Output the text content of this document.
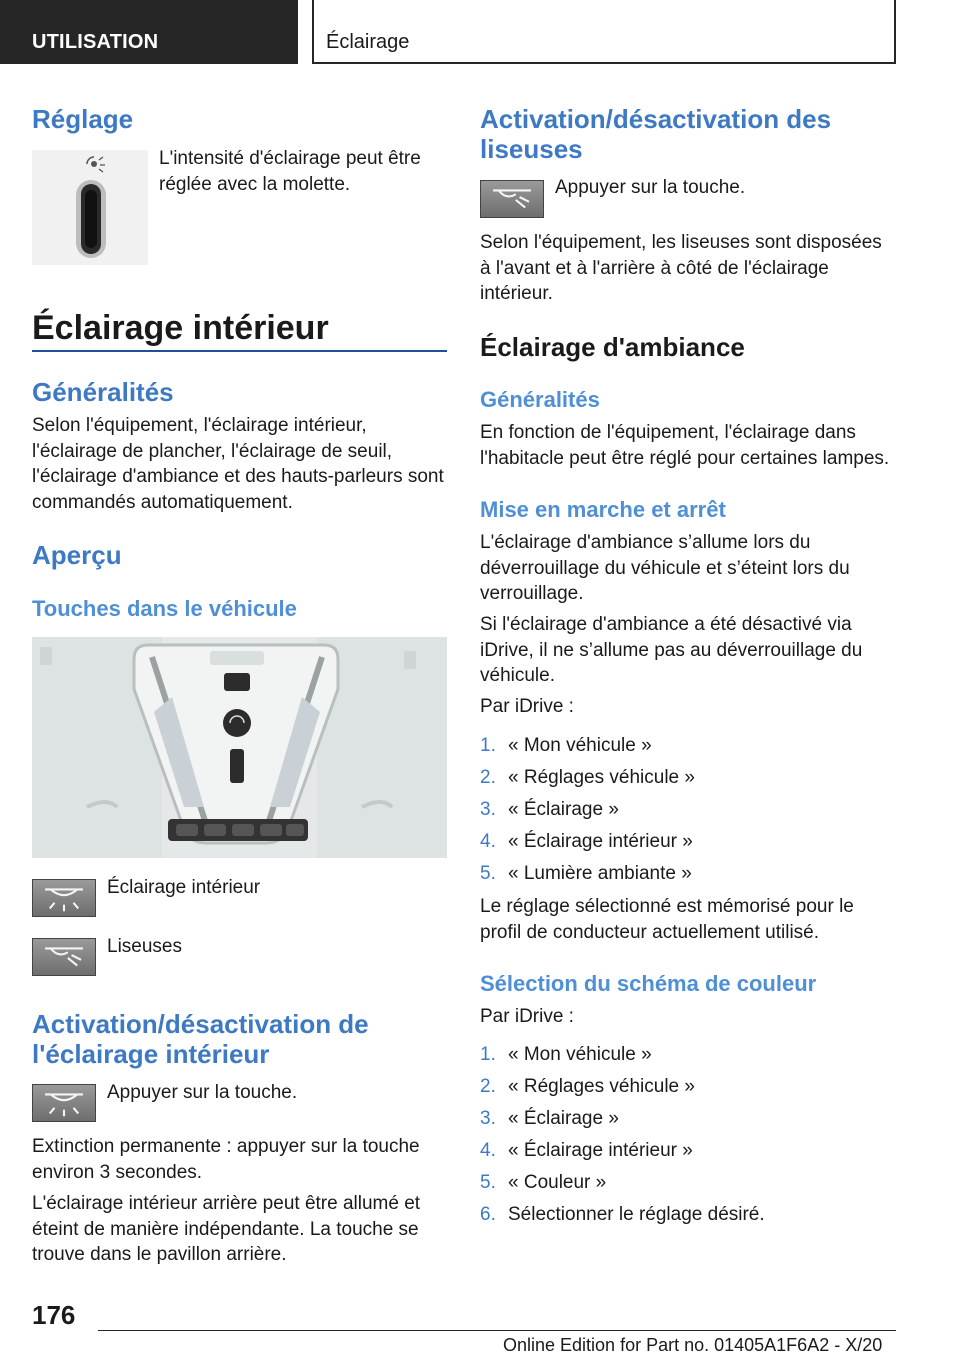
UTILISATION	Éclairage
Réglage
L'intensité d'éclairage peut être réglée avec la molette.
Éclairage intérieur
Généralités
Selon l'équipement, l'éclairage intérieur, l'éclairage de plancher, l'éclairage de seuil, l'éclairage d'ambiance et des hauts-parleurs sont commandés automatiquement.
Aperçu
Touches dans le véhicule
Éclairage intérieur
Liseuses
Activation/désactivation de l'éclairage intérieur
Appuyer sur la touche.
Extinction permanente : appuyer sur la touche environ 3 secondes.
L'éclairage intérieur arrière peut être allumé et éteint de manière indépendante. La touche se trouve dans le pavillon arrière.
Activation/désactivation des liseuses
Appuyer sur la touche.
Selon l'équipement, les liseuses sont disposées à l'avant et à l'arrière à côté de l'éclairage intérieur.
Éclairage d'ambiance
Généralités
En fonction de l'équipement, l'éclairage dans l'habitacle peut être réglé pour certaines lampes.
Mise en marche et arrêt
L'éclairage d'ambiance s’allume lors du déverrouillage du véhicule et s’éteint lors du verrouillage.
Si l'éclairage d'ambiance a été désactivé via iDrive, il ne s’allume pas au déverrouillage du véhicule.
Par iDrive :
1. « Mon véhicule »
2. « Réglages véhicule »
3. « Éclairage »
4. « Éclairage intérieur »
5. « Lumière ambiante »
Le réglage sélectionné est mémorisé pour le profil de conducteur actuellement utilisé.
Sélection du schéma de couleur
Par iDrive :
1. « Mon véhicule »
2. « Réglages véhicule »
3. « Éclairage »
4. « Éclairage intérieur »
5. « Couleur »
6. Sélectionner le réglage désiré.
176
Online Edition for Part no. 01405A1F6A2 - X/20
